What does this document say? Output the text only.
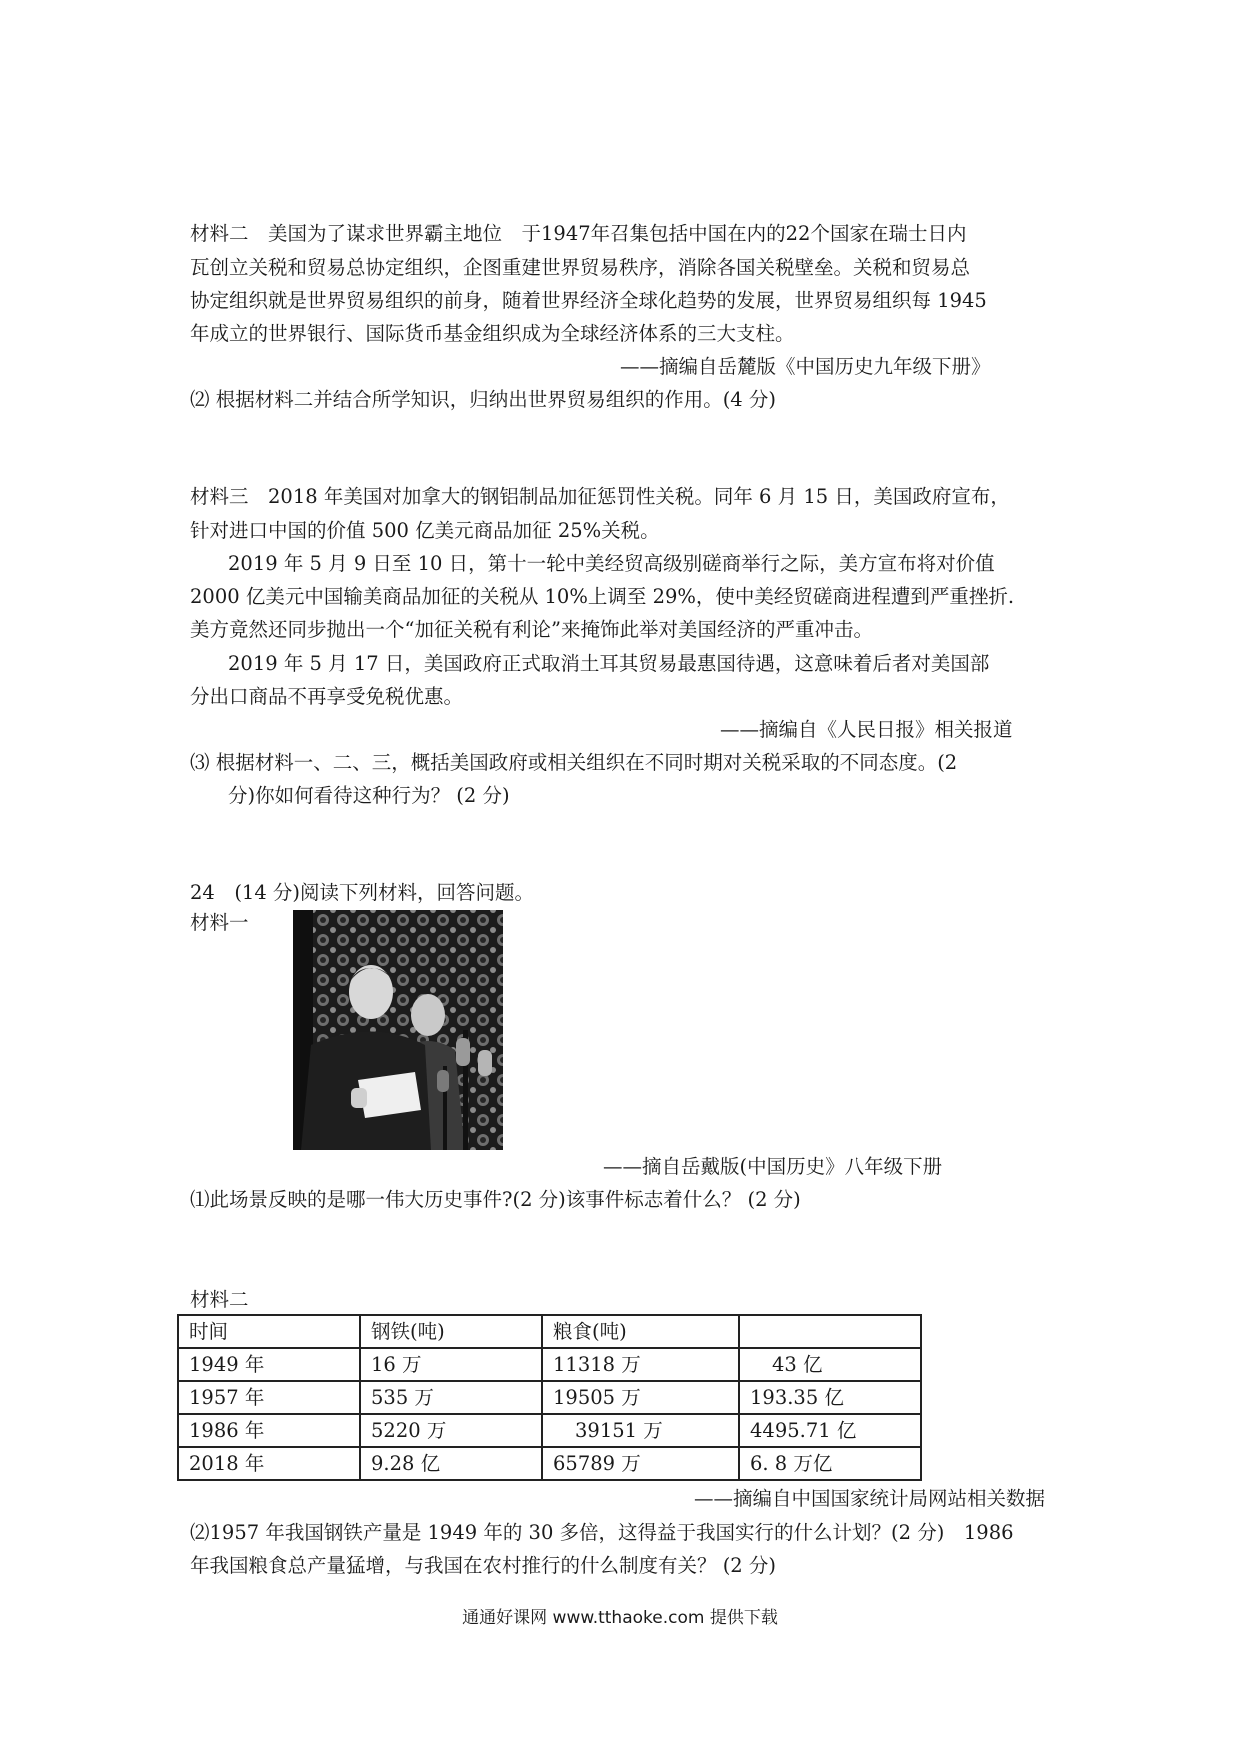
材料二　美国为了谋求世界霸主地位　于1947年召集包括中国在内的22个国家在瑞士日内
瓦创立关税和贸易总协定组织，企图重建世界贸易秩序，消除各国关税壁垒。关税和贸易总
协定组织就是世界贸易组织的前身，随着世界经济全球化趋势的发展，世界贸易组织每 1945
年成立的世界银行、国际货币基金组织成为全球经济体系的三大支柱。
——摘编自岳麓版《中国历史九年级下册》
⑵ 根据材料二并结合所学知识，归纳出世界贸易组织的作用。(4 分)
材料三　2018 年美国对加拿大的钢铝制品加征惩罚性关税。同年 6 月 15 日，美国政府宣布，
针对进口中国的价值 500 亿美元商品加征 25%关税。
2019 年 5 月 9 日至 10 日，第十一轮中美经贸高级别磋商举行之际，美方宣布将对价值
2000 亿美元中国输美商品加征的关税从 10%上调至 29%，使中美经贸磋商进程遭到严重挫折.
美方竟然还同步抛出一个“加征关税有利论”来掩饰此举对美国经济的严重冲击。
2019 年 5 月 17 日，美国政府正式取消土耳其贸易最惠国待遇，这意味着后者对美国部
分出口商品不再享受免税优惠。
——摘编自《人民日报》相关报道
⑶ 根据材料一、二、三，概括美国政府或相关组织在不同时期对关税采取的不同态度。(2
分)你如何看待这种行为？ (2 分)
24　(14 分)阅读下列材料，回答问题。
材料一
——摘自岳戴版(中国历史》八年级下册
⑴此场景反映的是哪一伟大历史事件?(2 分)该事件标志着什么？ (2 分)
材料二
时间	钢铁(吨)	粮食(吨)	
1949 年	16 万	11318 万	43 亿
1957 年	535 万	19505 万	193.35 亿
1986 年	5220 万	39151 万	4495.71 亿
2018 年	9.28 亿	65789 万	6. 8 万亿
——摘编自中国国家统计局网站相关数据
⑵1957 年我国钢铁产量是 1949 年的 30 多倍，这得益于我国实行的什么计划？(2 分)　1986
年我国粮食总产量猛增，与我国在农村推行的什么制度有关？ (2 分)
通通好课网 www.tthaoke.com 提供下载
